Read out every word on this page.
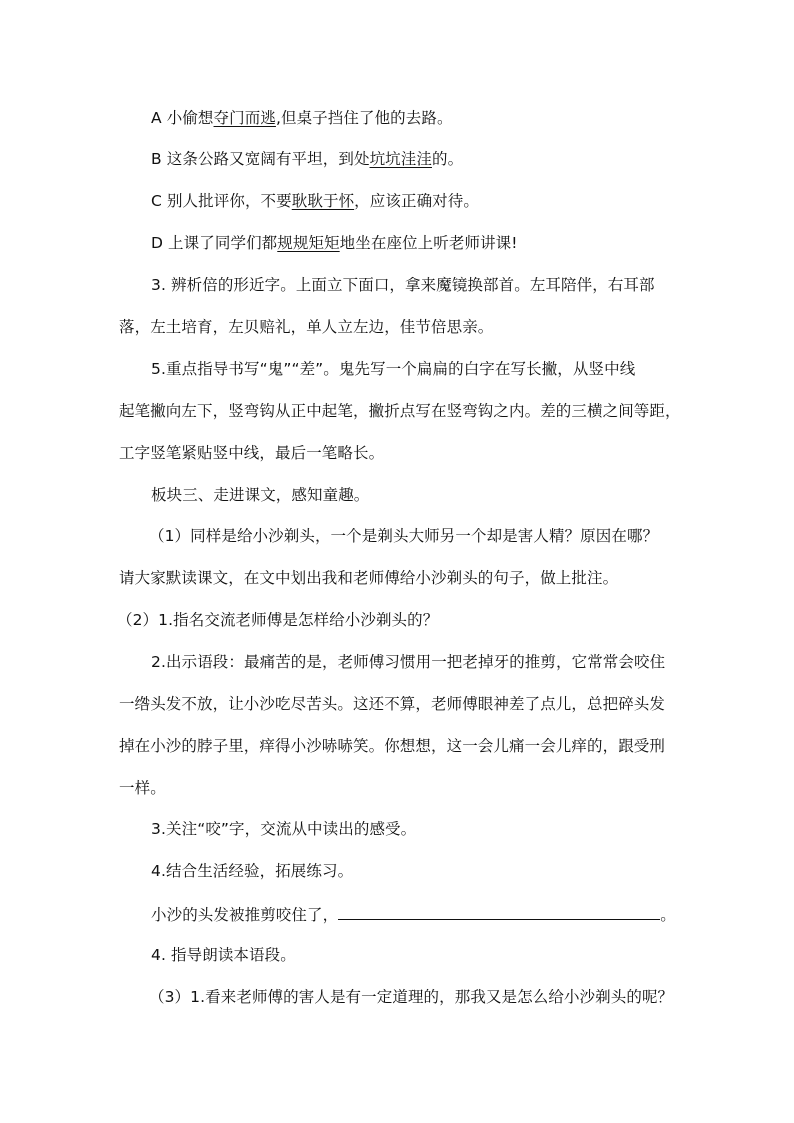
A 小偷想夺门而逃,但桌子挡住了他的去路。
B 这条公路又宽阔有平坦，到处坑坑洼洼的。
C 别人批评你，不要耿耿于怀，应该正确对待。
D 上课了同学们都规规矩矩地坐在座位上听老师讲课!
3. 辨析倍的形近字。上面立下面口，拿来魔镜换部首。左耳陪伴，右耳部
落，左土培育，左贝赔礼，单人立左边，佳节倍思亲。
5.重点指导书写“鬼”“差”。鬼先写一个扁扁的白字在写长撇，从竖中线
起笔撇向左下，竖弯钩从正中起笔，撇折点写在竖弯钩之内。差的三横之间等距，
工字竖笔紧贴竖中线，最后一笔略长。
板块三、走进课文，感知童趣。
（1）同样是给小沙剃头，一个是剃头大师另一个却是害人精？原因在哪？
请大家默读课文，在文中划出我和老师傅给小沙剃头的句子，做上批注。
（2）1.指名交流老师傅是怎样给小沙剃头的？
2.出示语段：最痛苦的是，老师傅习惯用一把老掉牙的推剪，它常常会咬住
一绺头发不放，让小沙吃尽苦头。这还不算，老师傅眼神差了点儿，总把碎头发
掉在小沙的脖子里，痒得小沙哧哧笑。你想想，这一会儿痛一会儿痒的，跟受刑
一样。
3.关注“咬”字，交流从中读出的感受。
4.结合生活经验，拓展练习。
小沙的头发被推剪咬住了，	。
4. 指导朗读本语段。
（3）1.看来老师傅的害人是有一定道理的，那我又是怎么给小沙剃头的呢？
